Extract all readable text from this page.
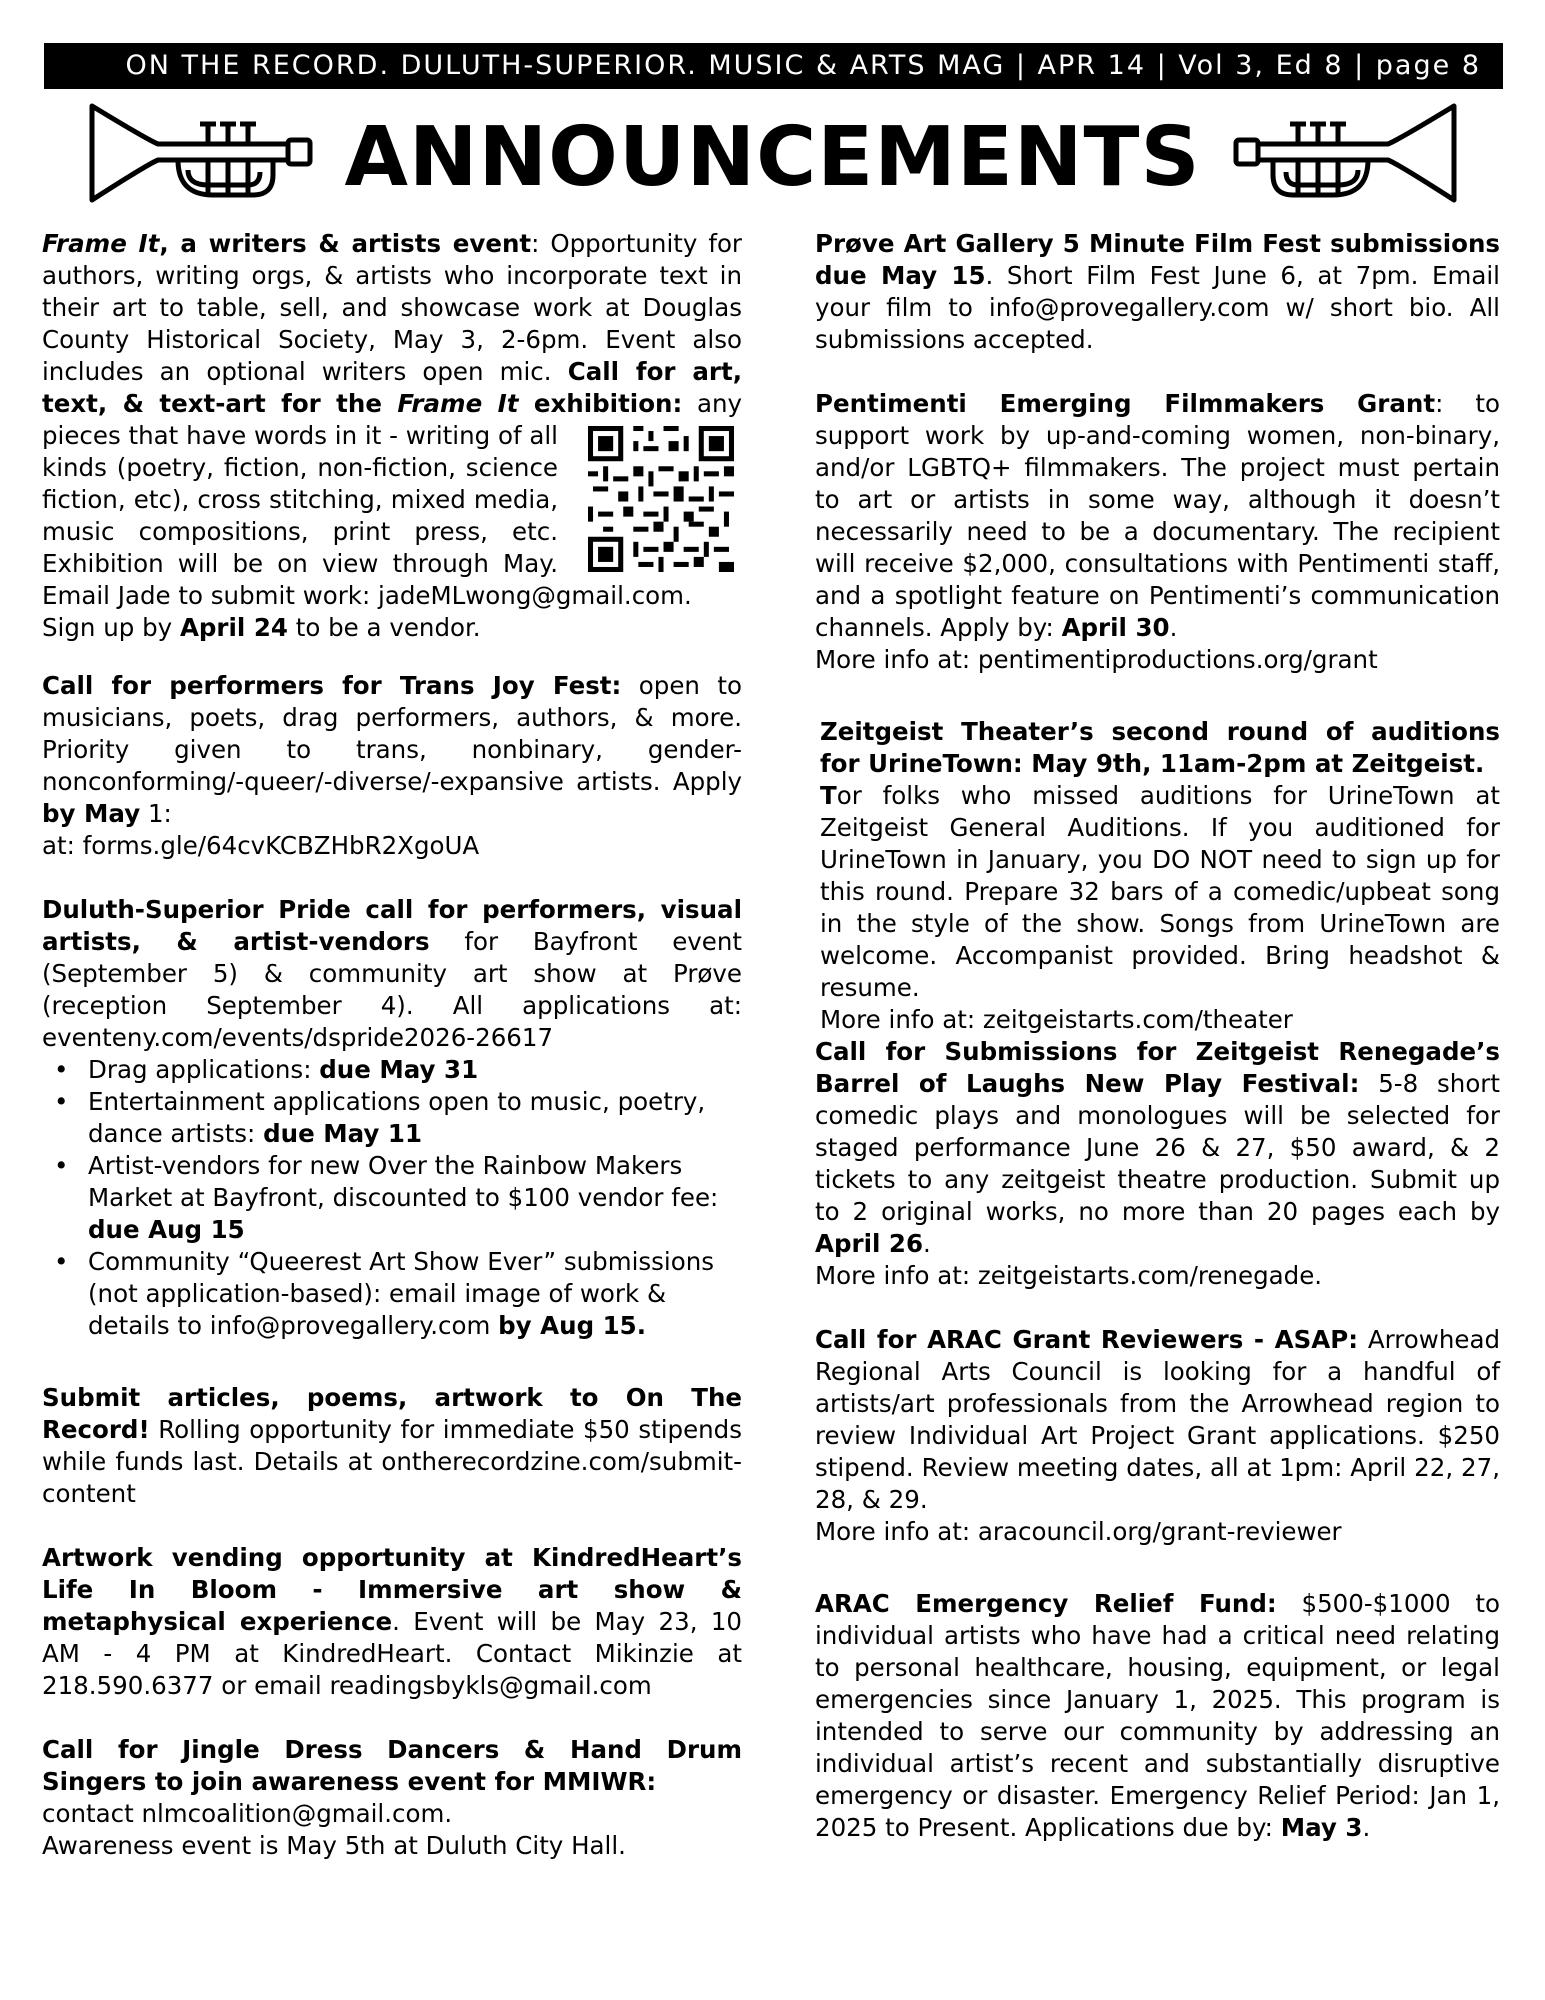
ON THE RECORD. DULUTH-SUPERIOR. MUSIC & ARTS MAG | APR 14 | Vol 3, Ed 8 | page 8
ANNOUNCEMENTS

Frame It, a writers & artists event: Opportunity for authors, writing orgs, & artists who incorporate text in their art to table, sell, and showcase work at Douglas County Historical Society, May 3, 2-6pm. Event also includes an optional writers open mic. Call for art, text, & text-art for the Frame It exhibition:
any pieces that have words in it - writing of all kinds (poetry, fiction, non-fiction, science fiction, etc), cross stitching, mixed media, music compositions, print press, etc. Exhibition will be on view through May. Email Jade to submit work: jadeMLwong@gmail.com.
Sign up by April 24 to be a vendor.

Call for performers for Trans Joy Fest: open to musicians, poets, drag performers, authors, & more. Priority given to trans, nonbinary, gender-nonconforming/-queer/-diverse/-expansive artists. Apply by May 1:

at: forms.gle/64cvKCBZHbR2XgoUA

Duluth-Superior Pride call for performers, visual artists, & artist-vendors for Bayfront event (September 5) & community art show at Prøve (reception September 4). All applications at: eventeny.com/events/dspride2026-26617

• Drag applications: due May 31
• Entertainment applications open to music, poetry, dance artists: due May 11
• Artist-vendors for new Over the Rainbow Makers Market at Bayfront, discounted to $100 vendor fee: due Aug 15
• Community “Queerest Art Show Ever” submissions (not application-based): email image of work & details to info@provegallery.com by Aug 15.

Submit articles, poems, artwork to On The Record! Rolling opportunity for immediate $50 stipends while funds last. Details at ontherecordzine.com/submit-content

Artwork vending opportunity at KindredHeart’s Life In Bloom - Immersive art show & metaphysical experience. Event will be May 23, 10 AM - 4 PM at KindredHeart. Contact Mikinzie at 218.590.6377 or email readingsbykls@gmail.com

Call for Jingle Dress Dancers & Hand Drum Singers to join awareness event for MMIWR:

contact nlmcoalition@gmail.com.

Awareness event is May 5th at Duluth City Hall.

Prøve Art Gallery 5 Minute Film Fest submissions due May 15. Short Film Fest June 6, at 7pm. Email your film to info@provegallery.com w/ short bio. All submissions accepted.

Pentimenti Emerging Filmmakers Grant: to support work by up-and-coming women, non-binary, and/or LGBTQ+ filmmakers. The project must pertain to art or artists in some way, although it doesn’t necessarily need to be a documentary. The recipient will receive $2,000, consultations with Pentimenti staff, and a spotlight feature on Pentimenti’s communication channels. Apply by: April 30.

More info at: pentimentiproductions.org/grant

Zeitgeist Theater’s second round of auditions for UrineTown: May 9th, 11am-2pm at Zeitgeist.
Tor folks who missed auditions for UrineTown at Zeitgeist General Auditions. If you auditioned for UrineTown in January, you DO NOT need to sign up for this round. Prepare 32 bars of a comedic/upbeat song in the style of the show. Songs from UrineTown are welcome. Accompanist provided. Bring headshot & resume.

More info at: zeitgeistarts.com/theater

Call for Submissions for Zeitgeist Renegade’s Barrel of Laughs New Play Festival: 5-8 short comedic plays and monologues will be selected for staged performance June 26 & 27, $50 award, & 2 tickets to any zeitgeist theatre production. Submit up to 2 original works, no more than 20 pages each by April 26.

More info at: zeitgeistarts.com/renegade.

Call for ARAC Grant Reviewers - ASAP: Arrowhead Regional Arts Council is looking for a handful of artists/art professionals from the Arrowhead region to review Individual Art Project Grant applications. $250 stipend. Review meeting dates, all at 1pm: April 22, 27, 28, & 29.

More info at: aracouncil.org/grant-reviewer

ARAC Emergency Relief Fund: $500-$1000 to individual artists who have had a critical need relating to personal healthcare, housing, equipment, or legal emergencies since January 1, 2025. This program is intended to serve our community by addressing an individual artist’s recent and substantially disruptive emergency or disaster. Emergency Relief Period: Jan 1, 2025 to Present. Applications due by: May 3.
